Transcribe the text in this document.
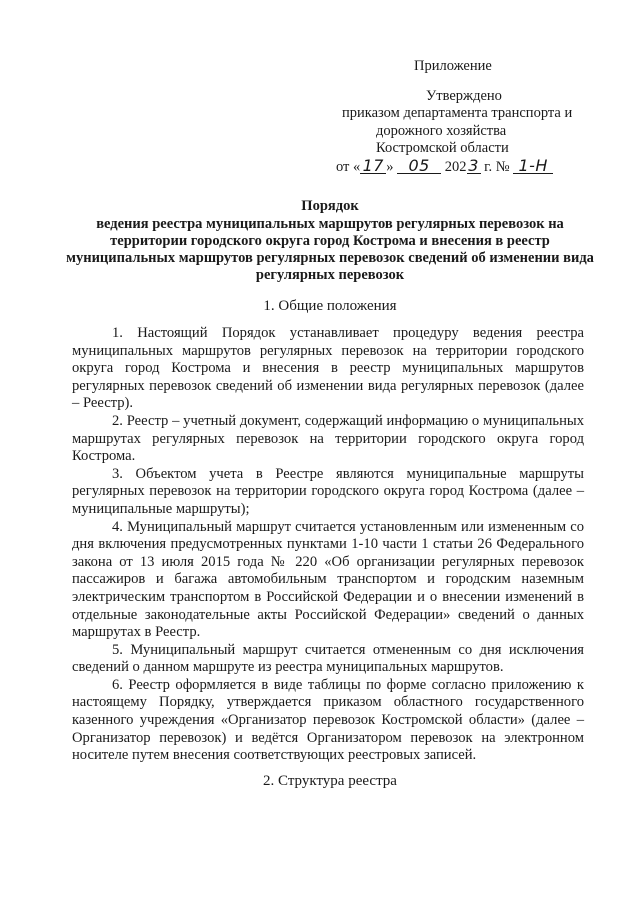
Приложение
Утверждено
приказом департамента транспорта и
дорожного хозяйства
Костромской области
от « 17 » 05 202 3 г. № 1-Н
Порядок
ведения реестра муниципальных маршрутов регулярных перевозок на территории городского округа город Кострома и внесения в реестр муниципальных маршрутов регулярных перевозок сведений об изменении вида регулярных перевозок
1. Общие положения

1. Настоящий Порядок устанавливает процедуру ведения реестра муниципальных маршрутов регулярных перевозок на территории городского округа город Кострома и внесения в реестр муниципальных маршрутов регулярных перевозок сведений об изменении вида регулярных перевозок (далее – Реестр).

2. Реестр – учетный документ, содержащий информацию о муниципальных маршрутах регулярных перевозок на территории городского округа город Кострома.

3. Объектом учета в Реестре являются муниципальные маршруты регулярных перевозок на территории городского округа город Кострома (далее – муниципальные маршруты);

4. Муниципальный маршрут считается установленным или измененным со дня включения предусмотренных пунктами 1-10 части 1 статьи 26 Федерального закона от 13 июля 2015 года № 220 «Об организации регулярных перевозок пассажиров и багажа автомобильным транспортом и городским наземным электрическим транспортом в Российской Федерации и о внесении изменений в отдельные законодательные акты Российской Федерации» сведений о данных маршрутах в Реестр.

5. Муниципальный маршрут считается отмененным со дня исключения сведений о данном маршруте из реестра муниципальных маршрутов.

6. Реестр оформляется в виде таблицы по форме согласно приложению к настоящему Порядку, утверждается приказом областного государственного казенного учреждения «Организатор перевозок Костромской области» (далее – Организатор перевозок) и ведётся Организатором перевозок на электронном носителе путем внесения соответствующих реестровых записей.

2. Структура реестра
